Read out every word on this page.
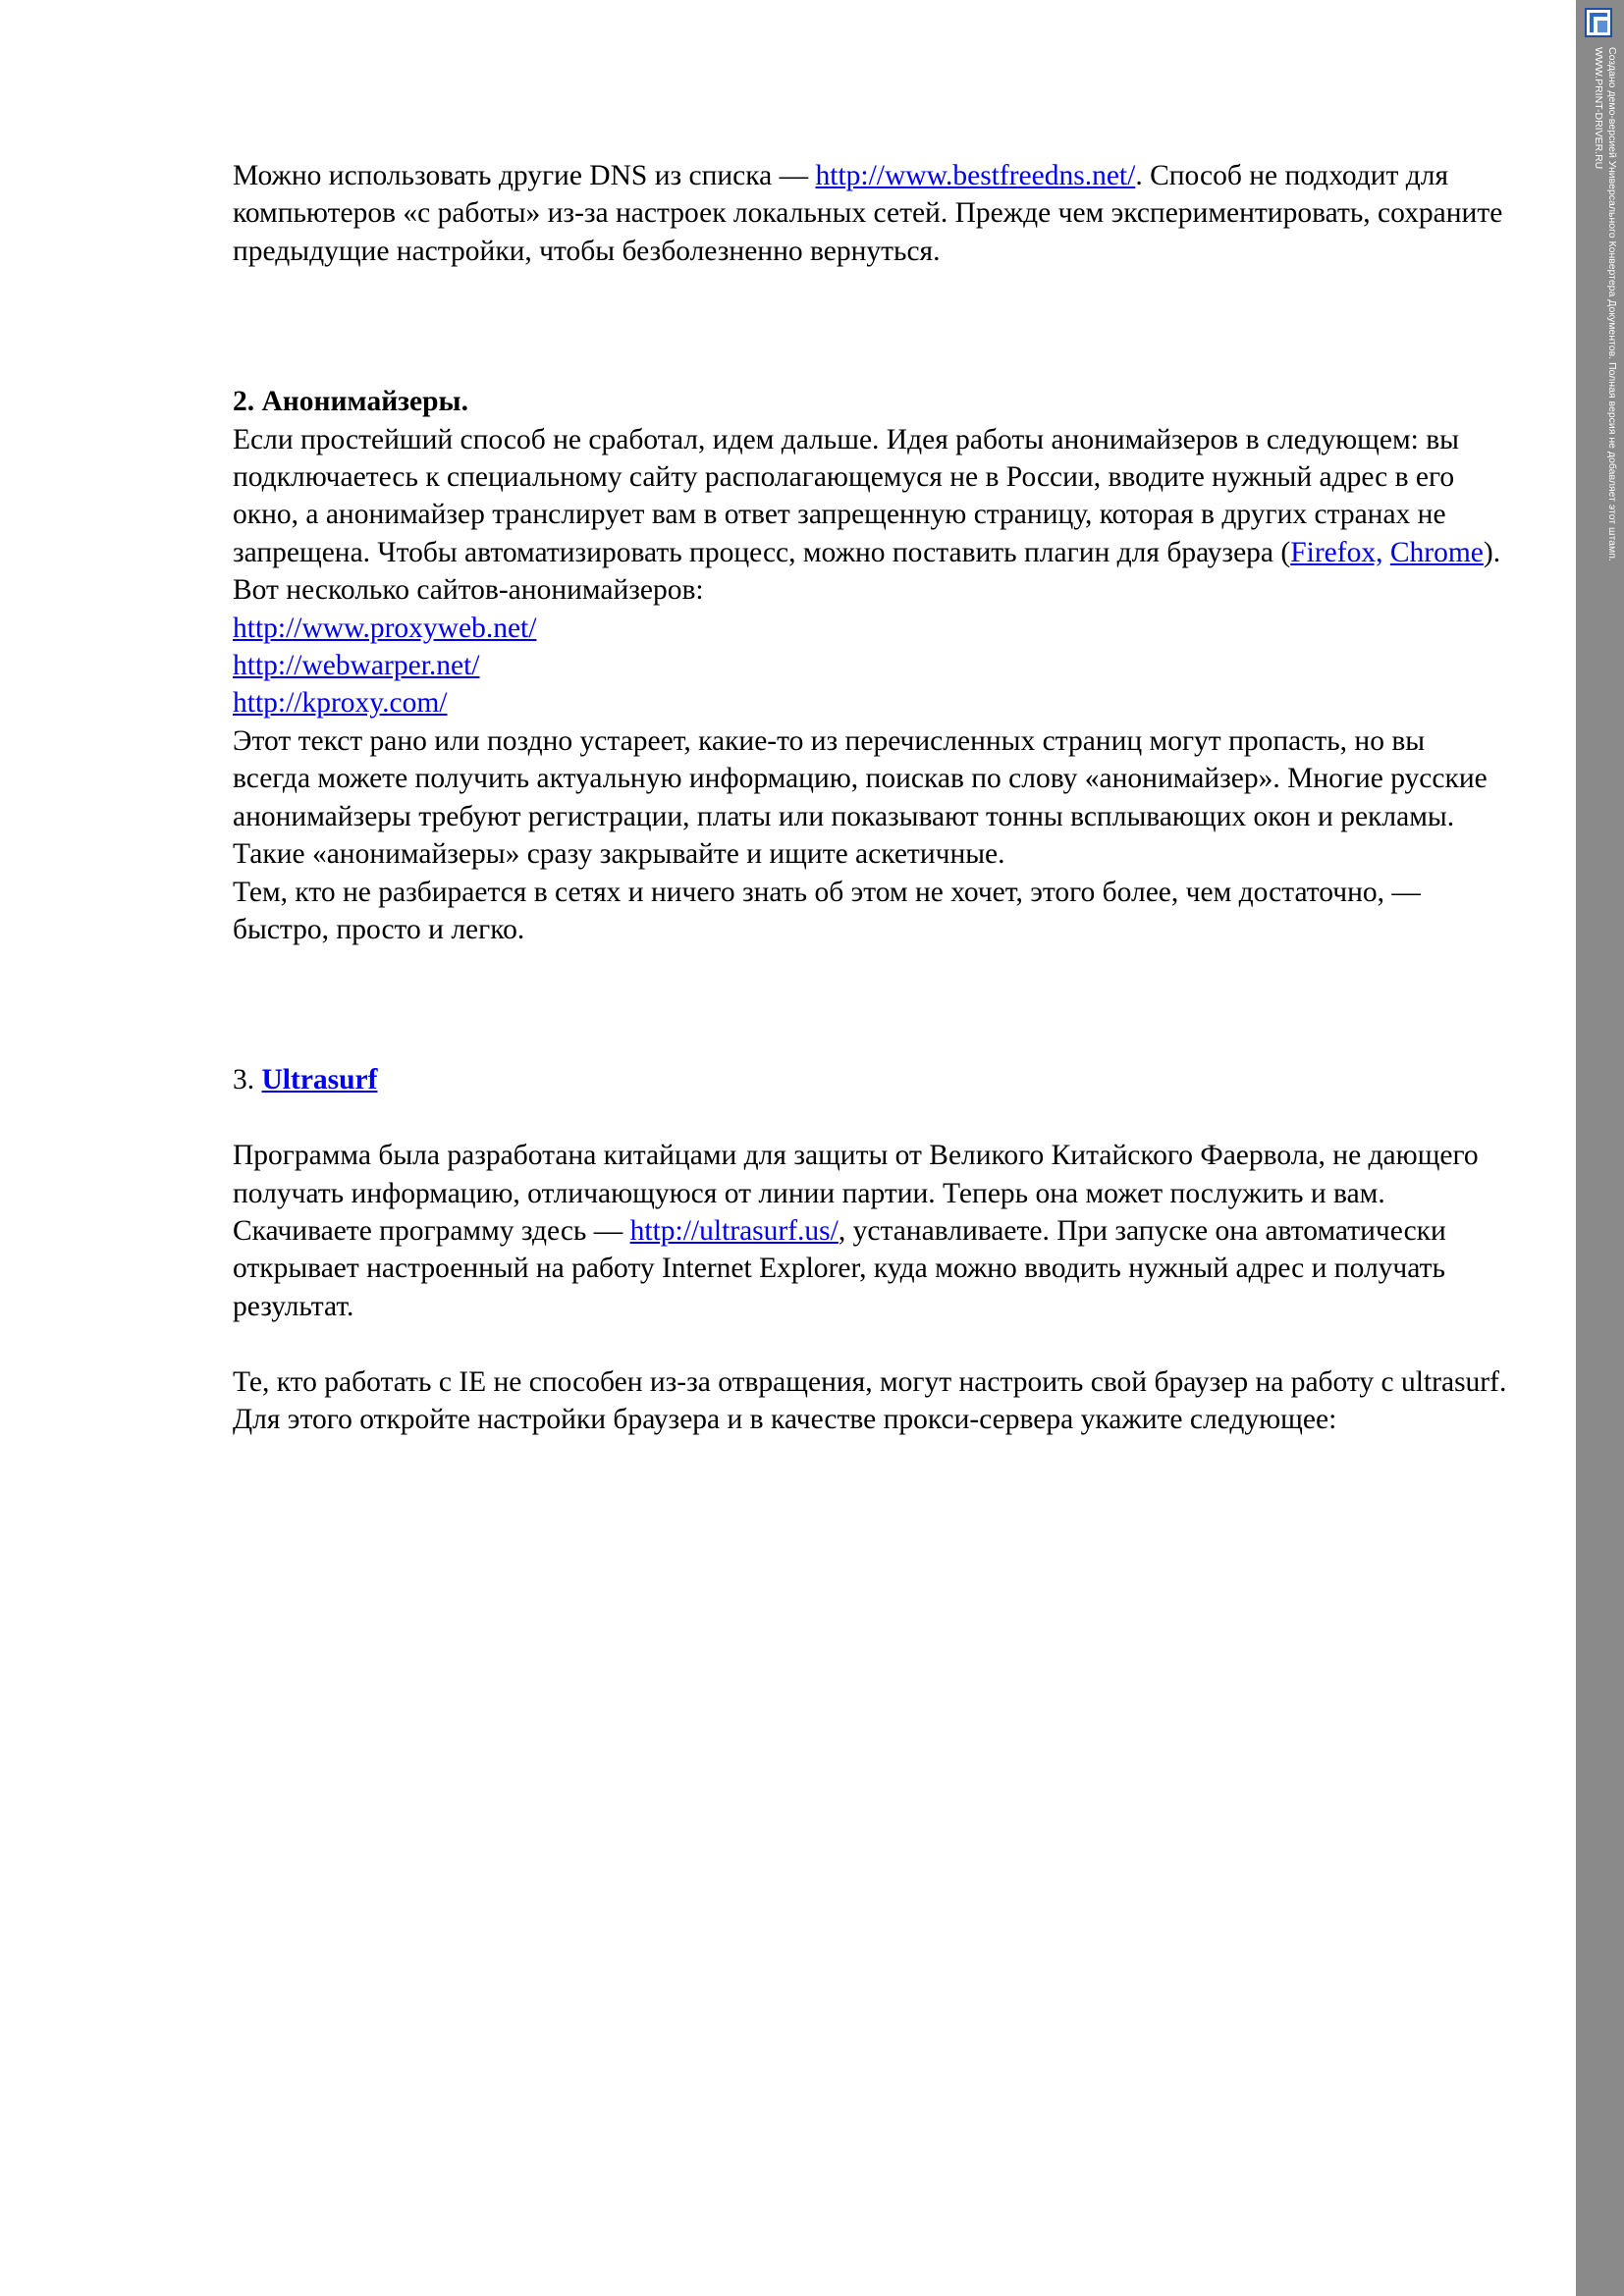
Можно использовать другие DNS из списка — http://www.bestfreedns.net/. Способ не подходит для компьютеров «с работы» из-за настроек локальных сетей. Прежде чем экспериментировать, сохраните предыдущие настройки, чтобы безболезненно вернуться.

2. Анонимайзеры.

Если простейший способ не сработал, идем дальше. Идея работы анонимайзеров в следующем: вы подключаетесь к специальному сайту располагающемуся не в России, вводите нужный адрес в его окно, а анонимайзер транслирует вам в ответ запрещенную страницу, которая в других странах не запрещена. Чтобы автоматизировать процесс, можно поставить плагин для браузера (Firefox, Chrome). Вот несколько сайтов-анонимайзеров:

http://www.proxyweb.net/

http://webwarper.net/

http://kproxy.com/

Этот текст рано или поздно устареет, какие-то из перечисленных страниц могут пропасть, но вы всегда можете получить актуальную информацию, поискав по слову «анонимайзер». Многие русские анонимайзеры требуют регистрации, платы или показывают тонны всплывающих окон и рекламы. Такие «анонимайзеры» сразу закрывайте и ищите аскетичные.

Тем, кто не разбирается в сетях и ничего знать об этом не хочет, этого более, чем достаточно, — быстро, просто и легко.

3. Ultrasurf

Программа была разработана китайцами для защиты от Великого Китайского Фаервола, не дающего получать информацию, отличающуюся от линии партии. Теперь она может послужить и вам. Скачиваете программу здесь — http://ultrasurf.us/, устанавливаете. При запуске она автоматически открывает настроенный на работу Internet Explorer, куда можно вводить нужный адрес и получать результат.

Те, кто работать с IE не способен из-за отвращения, могут настроить свой браузер на работу с ultrasurf. Для этого откройте настройки браузера и в качестве прокси-сервера укажите следующее:

Создано демо-версией Универсального Конвертера Документов. Полная версия не добавляет этот штамп.
WWW.PRINT-DRIVER.RU
